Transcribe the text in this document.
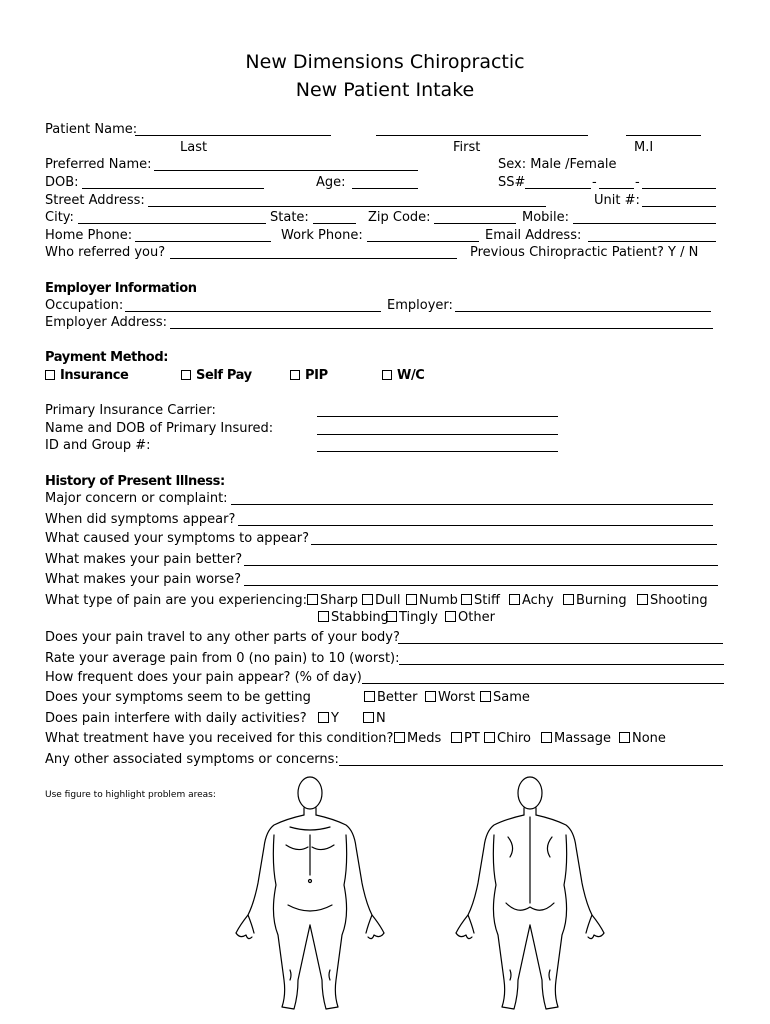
New Dimensions Chiropractic
New Patient Intake
Patient Name:
Last	First	M.I
Preferred Name:	Sex: Male /Female
DOB:	Age:	SS#	-	-
Street Address:	Unit #:
City:	State:	Zip Code:	Mobile:
Home Phone:	Work Phone:	Email Address:
Who referred you?	Previous Chiropractic Patient? Y / N
Employer Information
Occupation:	Employer:
Employer Address:
Payment Method:
Insurance	Self Pay	PIP	W/C
Primary Insurance Carrier:
Name and DOB of Primary Insured:
ID and Group #:
History of Present Illness:
Major concern or complaint:
When did symptoms appear?
What caused your symptoms to appear?
What makes your pain better?
What makes your pain worse?
What type of pain are you experiencing: Sharp	Dull	Numb	Stiff	Achy	Burning	Shooting
Stabbing Tingly	Other
Does your pain travel to any other parts of your body?
Rate your average pain from 0 (no pain) to 10 (worst):
How frequent does your pain appear? (% of day)
Does your symptoms seem to be getting	Better	Worst	Same
Does pain interfere with daily activities?	Y	N
What treatment have you received for this condition?	Meds	PT	Chiro	Massage	None
Any other associated symptoms or concerns:
Use figure to highlight problem areas:
